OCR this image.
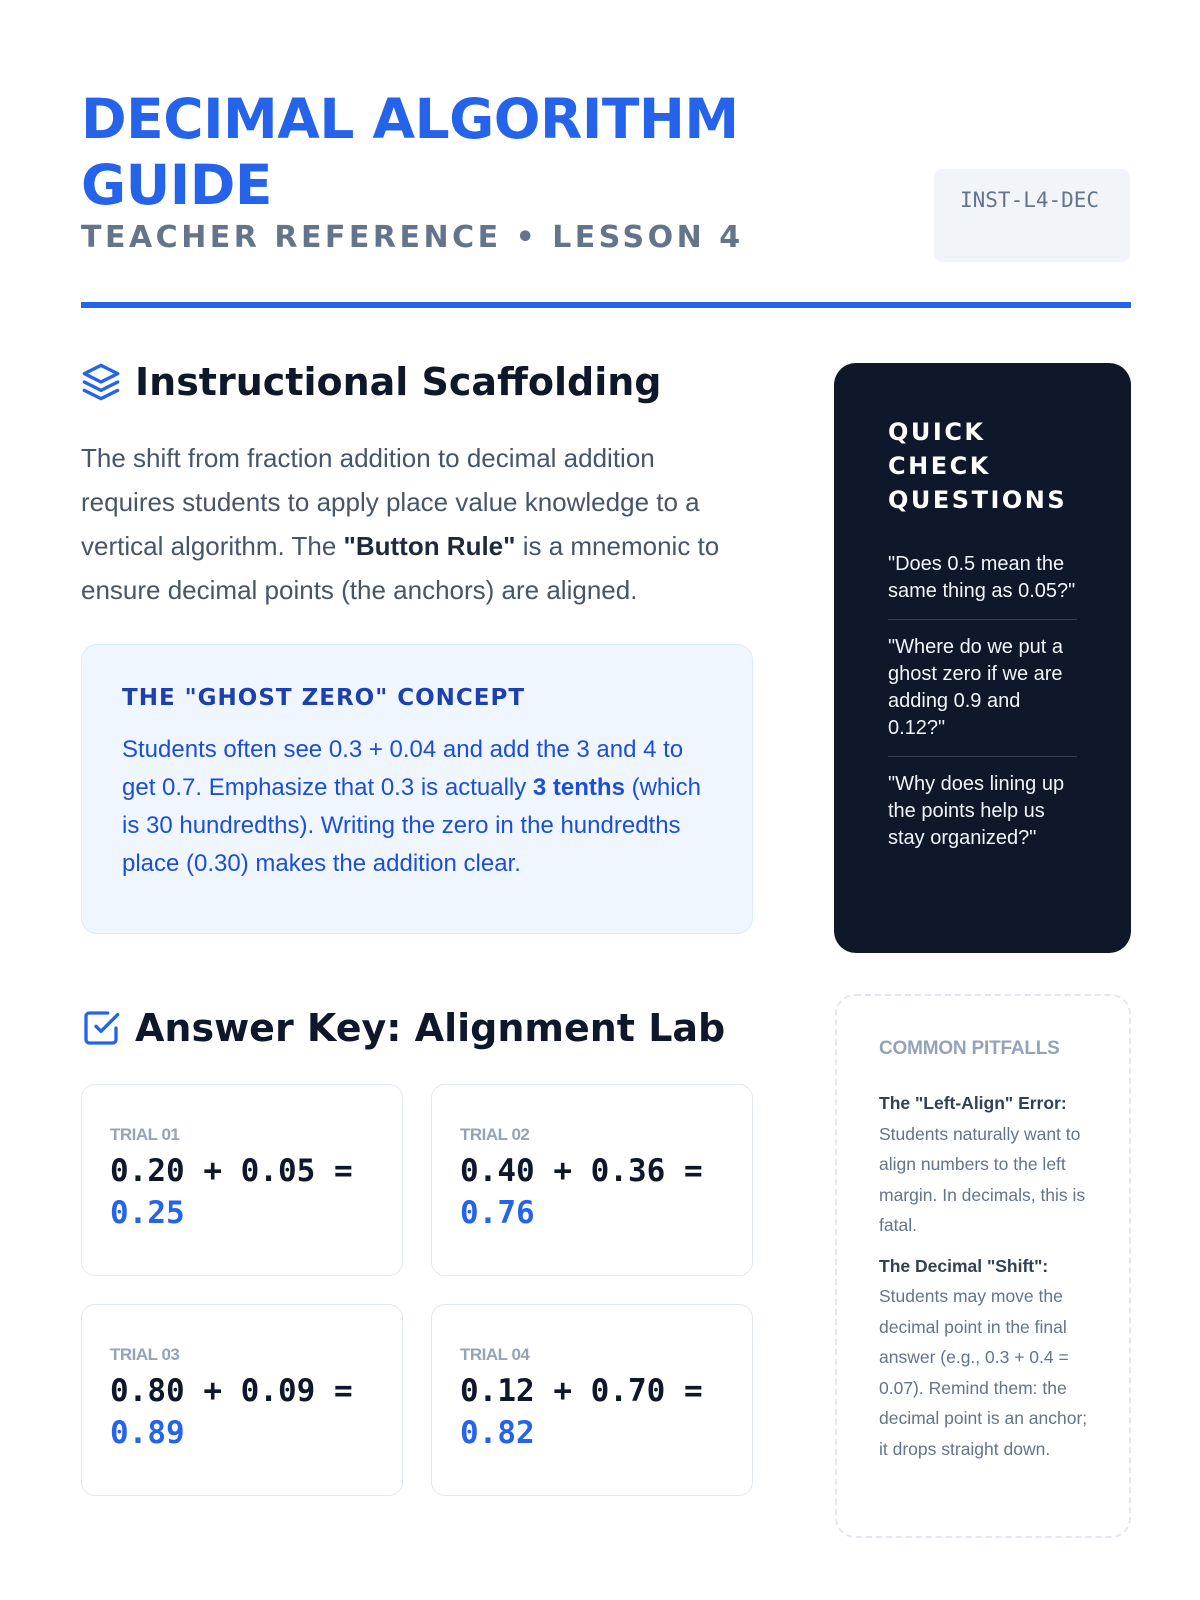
DECIMAL ALGORITHM GUIDE
TEACHER REFERENCE • LESSON 4
INST-L4-DEC
Instructional Scaffolding

The shift from fraction addition to decimal addition requires students to apply place value knowledge to a vertical algorithm. The "Button Rule" is a mnemonic to ensure decimal points (the anchors) are aligned.

THE "GHOST ZERO" CONCEPT

Students often see 0.3 + 0.04 and add the 3 and 4 to get 0.7. Emphasize that 0.3 is actually 3 tenths (which is 30 hundredths). Writing the zero in the hundredths place (0.30) makes the addition clear.

Answer Key: Alignment Lab
TRIAL 01
0.20 + 0.05 =
0.25
TRIAL 02
0.40 + 0.36 =
0.76
TRIAL 03
0.80 + 0.09 =
0.89
TRIAL 04
0.12 + 0.70 =
0.82
QUICK CHECK QUESTIONS
"Does 0.5 mean the same thing as 0.05?"
"Where do we put a ghost zero if we are adding 0.9 and 0.12?"
"Why does lining up the points help us stay organized?"
COMMON PITFALLS
The "Left-Align" Error: Students naturally want to align numbers to the left margin. In decimals, this is fatal.
The Decimal "Shift": Students may move the decimal point in the final answer (e.g., 0.3 + 0.4 = 0.07). Remind them: the decimal point is an anchor; it drops straight down.
